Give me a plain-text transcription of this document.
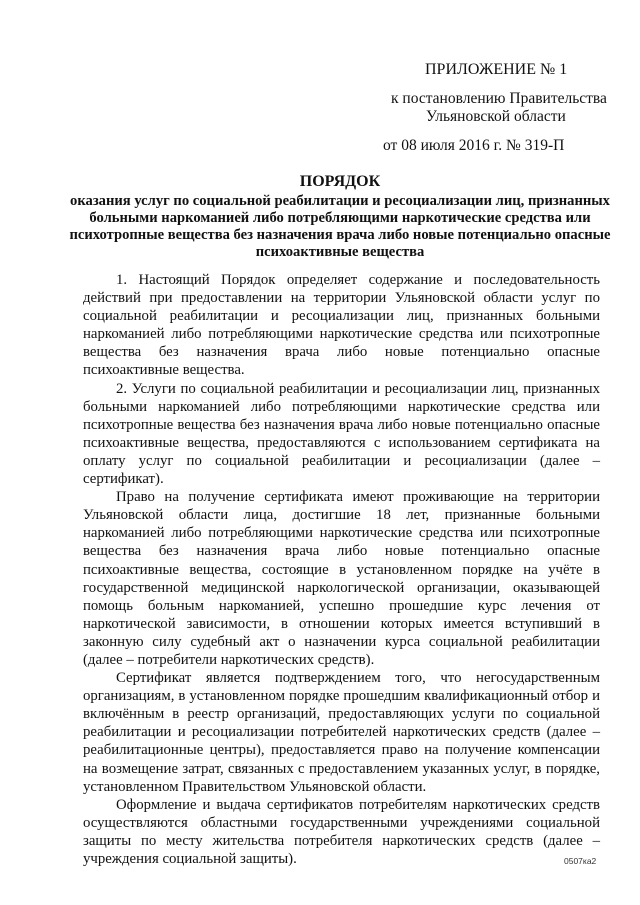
ПРИЛОЖЕНИЕ № 1
к постановлению Правительства
Ульяновской области
от 08 июля 2016 г. № 319-П
ПОРЯДОК
оказания услуг по социальной реабилитации и ресоциализации лиц, признанных больными наркоманией либо потребляющими наркотические средства или психотропные вещества без назначения врача либо новые потенциально опасные психоактивные вещества

1. Настоящий Порядок определяет содержание и последовательность действий при предоставлении на территории Ульяновской области услуг по социальной реабилитации и ресоциализации лиц, признанных больными наркоманией либо потребляющими наркотические средства или психотропные вещества без назначения врача либо новые потенциально опасные психоактивные вещества.

2. Услуги по социальной реабилитации и ресоциализации лиц, признанных больными наркоманией либо потребляющими наркотические средства или психотропные вещества без назначения врача либо новые потенциально опасные психоактивные вещества, предоставляются с использованием сертификата на оплату услуг по социальной реабилитации и ресоциализации (далее – сертификат).

Право на получение сертификата имеют проживающие на территории Ульяновской области лица, достигшие 18 лет, признанные больными наркоманией либо потребляющими наркотические средства или психотропные вещества без назначения врача либо новые потенциально опасные психоактивные вещества, состоящие в установленном порядке на учёте в государственной медицинской наркологической организации, оказывающей помощь больным наркоманией, успешно прошедшие курс лечения от наркотической зависимости, в отношении которых имеется вступивший в законную силу судебный акт о назначении курса социальной реабилитации (далее – потребители наркотических средств).

Сертификат является подтверждением того, что негосударственным организациям, в установленном порядке прошедшим квалификационный отбор и включённым в реестр организаций, предоставляющих услуги по социальной реабилитации и ресоциализации потребителей наркотических средств (далее – реабилитационные центры), предоставляется право на получение компенсации на возмещение затрат, связанных с предоставлением указанных услуг, в порядке, установленном Правительством Ульяновской области.

Оформление и выдача сертификатов потребителям наркотических средств осуществляются областными государственными учреждениями социальной защиты по месту жительства потребителя наркотических средств (далее – учреждения социальной защиты).	0507ка2
